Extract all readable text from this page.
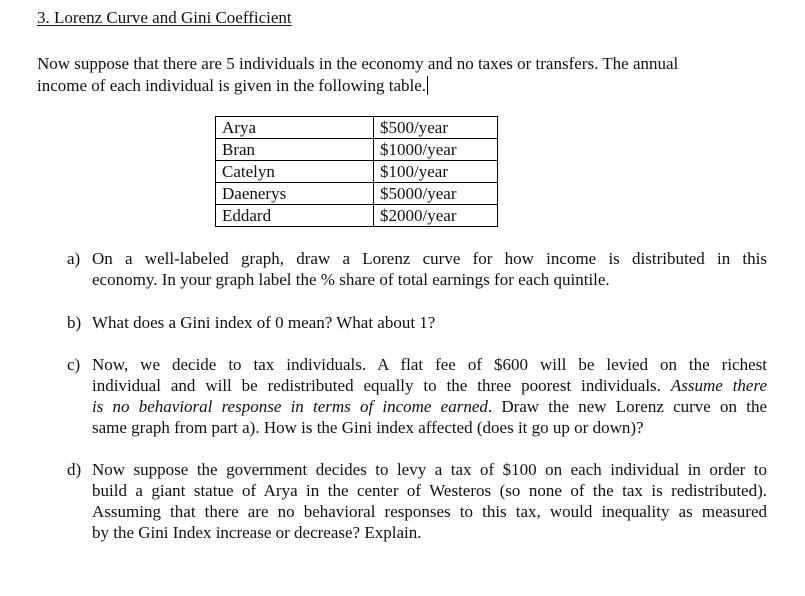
3. Lorenz Curve and Gini Coefficient
Now suppose that there are 5 individuals in the economy and no taxes or transfers. The annual
income of each individual is given in the following table.
Arya	$500/year
Bran	$1000/year
Catelyn	$100/year
Daenerys	$5000/year
Eddard	$2000/year
a) On a well-labeled graph, draw a Lorenz curve for how income is distributed in this
economy. In your graph label the % share of total earnings for each quintile.
b) What does a Gini index of 0 mean? What about 1?
c) Now, we decide to tax individuals. A flat fee of $600 will be levied on the richest
individual and will be redistributed equally to the three poorest individuals. Assume there
is no behavioral response in terms of income earned. Draw the new Lorenz curve on the
same graph from part a). How is the Gini index affected (does it go up or down)?
d) Now suppose the government decides to levy a tax of $100 on each individual in order to
build a giant statue of Arya in the center of Westeros (so none of the tax is redistributed).
Assuming that there are no behavioral responses to this tax, would inequality as measured
by the Gini Index increase or decrease? Explain.
